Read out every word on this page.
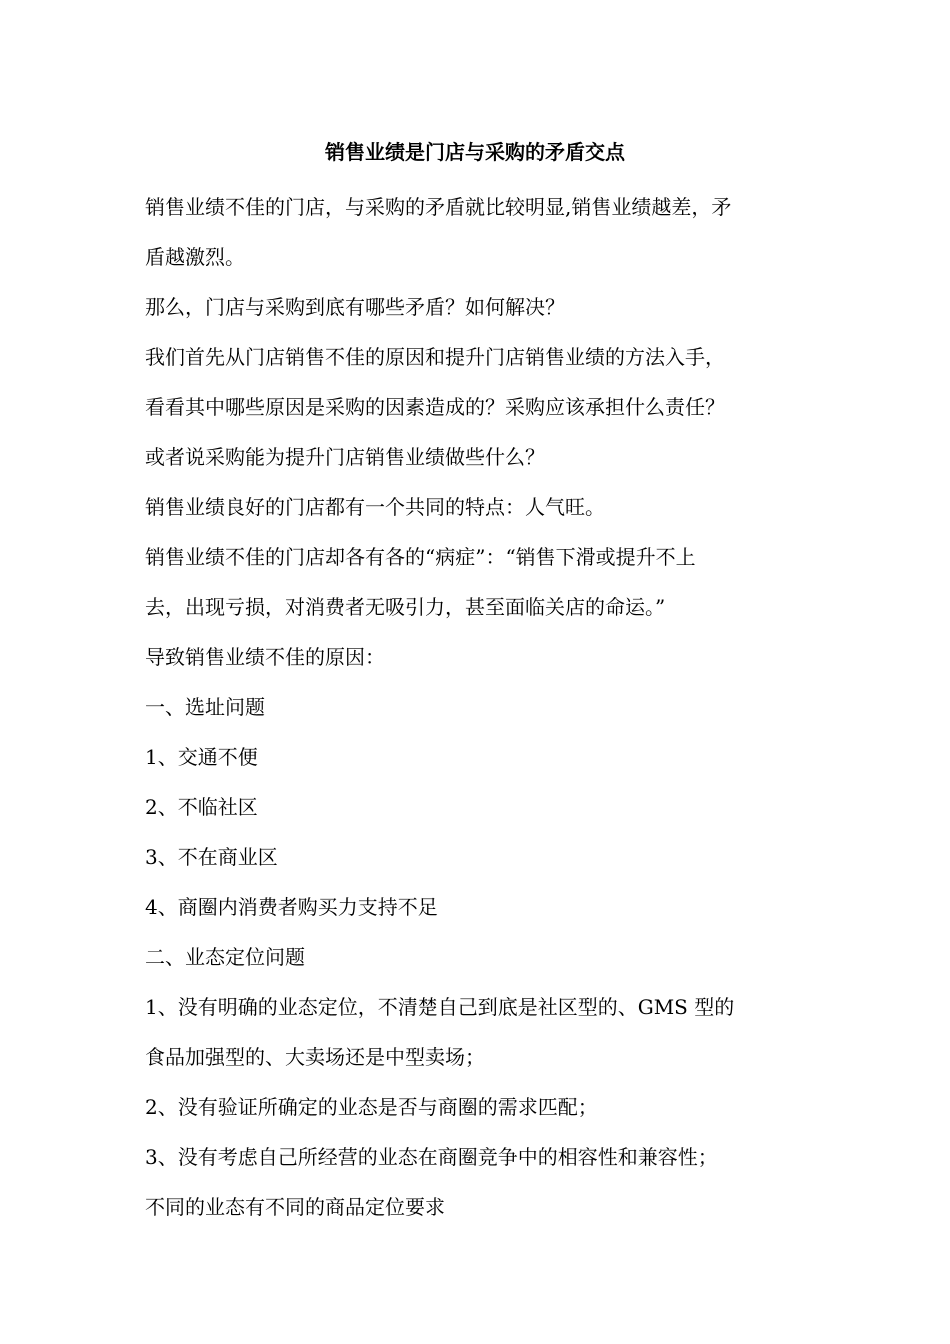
销售业绩是门店与采购的矛盾交点

销售业绩不佳的门店，与采购的矛盾就比较明显,销售业绩越差，矛

盾越激烈。

那么，门店与采购到底有哪些矛盾？如何解决？

我们首先从门店销售不佳的原因和提升门店销售业绩的方法入手，

看看其中哪些原因是采购的因素造成的？采购应该承担什么责任？

或者说采购能为提升门店销售业绩做些什么？

销售业绩良好的门店都有一个共同的特点：人气旺。

销售业绩不佳的门店却各有各的“病症”：“销售下滑或提升不上

去，出现亏损，对消费者无吸引力，甚至面临关店的命运。”

导致销售业绩不佳的原因：

一、选址问题

1、交通不便

2、不临社区

3、不在商业区

4、商圈内消费者购买力支持不足

二、业态定位问题

1、没有明确的业态定位，不清楚自己到底是社区型的、GMS 型的

食品加强型的、大卖场还是中型卖场；

2、没有验证所确定的业态是否与商圈的需求匹配；

3、没有考虑自己所经营的业态在商圈竞争中的相容性和兼容性；

不同的业态有不同的商品定位要求
